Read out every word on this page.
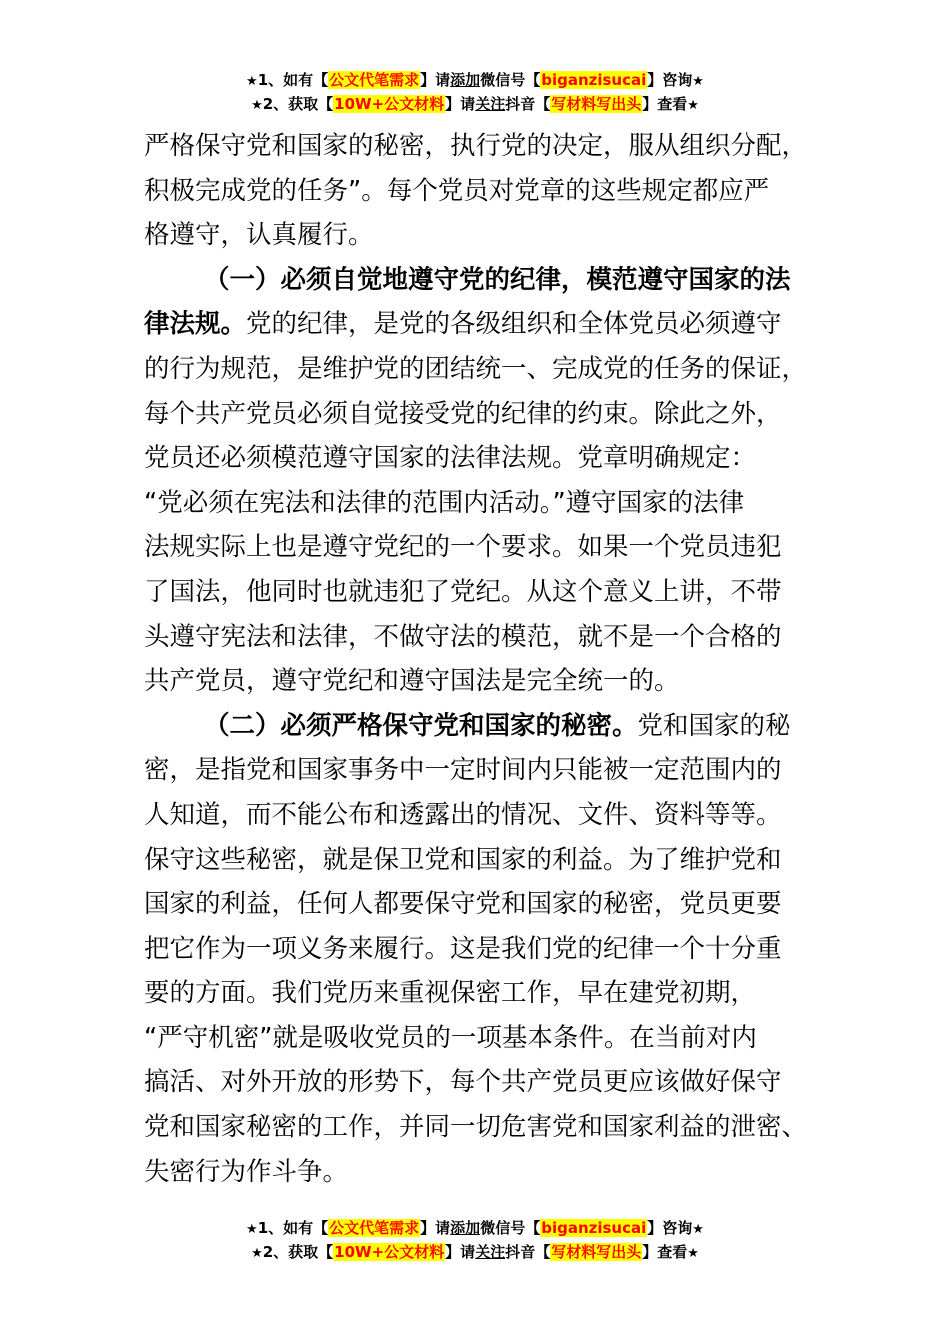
★1、如有【公文代笔需求】请添加微信号【biganzisucai】咨询★
★2、获取【10W+公文材料】请关注抖音【写材料写出头】查看★
严格保守党和国家的秘密，执行党的决定，服从组织分配，
积极完成党的任务”。每个党员对党章的这些规定都应严
格遵守，认真履行。
（一）必须自觉地遵守党的纪律，模范遵守国家的法
律法规。党的纪律，是党的各级组织和全体党员必须遵守
的行为规范，是维护党的团结统一、完成党的任务的保证，
每个共产党员必须自觉接受党的纪律的约束。除此之外，
党员还必须模范遵守国家的法律法规。党章明确规定：
“党必须在宪法和法律的范围内活动。”遵守国家的法律
法规实际上也是遵守党纪的一个要求。如果一个党员违犯
了国法，他同时也就违犯了党纪。从这个意义上讲，不带
头遵守宪法和法律，不做守法的模范，就不是一个合格的
共产党员，遵守党纪和遵守国法是完全统一的。
（二）必须严格保守党和国家的秘密。党和国家的秘
密，是指党和国家事务中一定时间内只能被一定范围内的
人知道，而不能公布和透露出的情况、文件、资料等等。
保守这些秘密，就是保卫党和国家的利益。为了维护党和
国家的利益，任何人都要保守党和国家的秘密，党员更要
把它作为一项义务来履行。这是我们党的纪律一个十分重
要的方面。我们党历来重视保密工作，早在建党初期，
“严守机密”就是吸收党员的一项基本条件。在当前对内
搞活、对外开放的形势下，每个共产党员更应该做好保守
党和国家秘密的工作，并同一切危害党和国家利益的泄密、
失密行为作斗争。
★1、如有【公文代笔需求】请添加微信号【biganzisucai】咨询★
★2、获取【10W+公文材料】请关注抖音【写材料写出头】查看★
